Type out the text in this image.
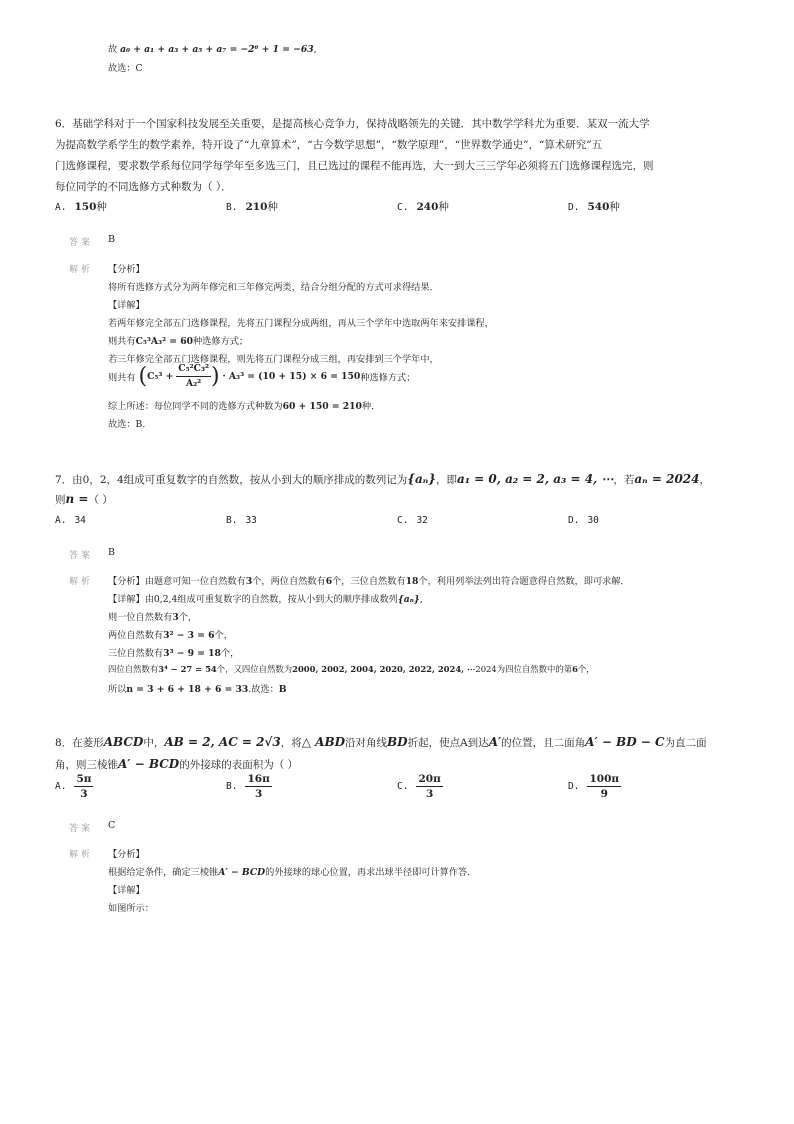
故 a₀ + a₁ + a₃ + a₅ + a₇ = −2⁶ + 1 = −63,
故选：C
6．基础学科对于一个国家科技发展至关重要，是提高核心竞争力，保持战略领先的关键．其中数学学科尤为重要．某双一流大学
为提高数学系学生的数学素养，特开设了“九章算术”，“古今数学思想”，“数学原理”，“世界数学通史”，“算术研究”五
门选修课程，要求数学系每位同学每学年至多选三门，且已选过的课程不能再选，大一到大三三学年必须将五门选修课程选完，则
每位同学的不同选修方式种数为（ ）．
A. 150种	B. 210种	C. 240种	D. 540种
答案 B
解析 【分析】
将所有选修方式分为两年修完和三年修完两类，结合分组分配的方式可求得结果．
【详解】
若两年修完全部五门选修课程，先将五门课程分成两组，再从三个学年中选取两年来安排课程，
则共有C₅³A₃² = 60种选修方式；
若三年修完全部五门选修课程，则先将五门课程分成三组，再安排到三个学年中，
则共有 ($C_5^3 + \frac{\text{C₅²C₃²}}{\text{A₂²}}$ ) · A₃³ = (10 + 15) × 6 = 150种选修方式；
综上所述：每位同学不同的选修方式种数为60 + 150 = 210种．
故选：B．
7．由0，2，4组成可重复数字的自然数，按从小到大的顺序排成的数列记为{aₙ}，即a₁ = 0, a₂ = 2, a₃ = 4, ⋯，若aₙ = 2024，
则n =（ ）
A. 34	B. 33	C. 32	D. 30
答案 B
解析 【分析】由题意可知一位自然数有3个，两位自然数有6个，三位自然数有18个，利用列举法列出符合题意得自然数，即可求解．
【详解】由0,2,4组成可重复数字的自然数，按从小到大的顺序排成数列{aₙ},
则一位自然数有3个，
两位自然数有3² − 3 = 6个，
三位自然数有3³ − 9 = 18个，
四位自然数有3⁴ − 27 = 54个，又四位自然数为2000, 2002, 2004, 2020, 2022, 2024, ⋯2024为四位自然数中的第6个，
所以n = 3 + 6 + 18 + 6 = 33.故选：B
8．在菱形ABCD中，AB = 2, AC = 2√3，将△ ABD沿对角线BD折起，使点A到达A′的位置，且二面角A′ − BD − C为直二面
角，则三棱锥A′ − BCD的外接球的表面积为（ ）
A. $\frac{5\pi}{3}$	B. $\frac{16\pi}{3}$	C. $\frac{20\pi}{3}$	D. $\frac{100\pi}{9}$
答案 C
解析 【分析】
根据给定条件，确定三棱锥A′ − BCD的外接球的球心位置，再求出球半径即可计算作答．
【详解】
如图所示：
